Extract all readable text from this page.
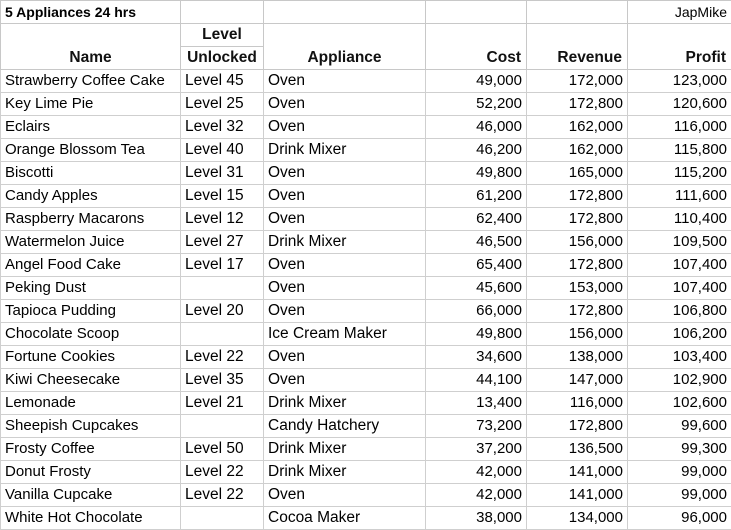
5 Appliances 24 hrs					JapMike
Name	Level	Appliance	Cost	Revenue	Profit
	Unlocked				
Strawberry Coffee Cake	Level 45	Oven	49,000	172,000	123,000
Key Lime Pie	Level 25	Oven	52,200	172,800	120,600
Eclairs	Level 32	Oven	46,000	162,000	116,000
Orange Blossom Tea	Level 40	Drink Mixer	46,200	162,000	115,800
Biscotti	Level 31	Oven	49,800	165,000	115,200
Candy Apples	Level 15	Oven	61,200	172,800	111,600
Raspberry Macarons	Level 12	Oven	62,400	172,800	110,400
Watermelon Juice	Level 27	Drink Mixer	46,500	156,000	109,500
Angel Food Cake	Level 17	Oven	65,400	172,800	107,400
Peking Dust		Oven	45,600	153,000	107,400
Tapioca Pudding	Level 20	Oven	66,000	172,800	106,800
Chocolate Scoop		Ice Cream Maker	49,800	156,000	106,200
Fortune Cookies	Level 22	Oven	34,600	138,000	103,400
Kiwi Cheesecake	Level 35	Oven	44,100	147,000	102,900
Lemonade	Level 21	Drink Mixer	13,400	116,000	102,600
Sheepish Cupcakes		Candy Hatchery	73,200	172,800	99,600
Frosty Coffee	Level 50	Drink Mixer	37,200	136,500	99,300
Donut Frosty	Level 22	Drink Mixer	42,000	141,000	99,000
Vanilla Cupcake	Level 22	Oven	42,000	141,000	99,000
White Hot Chocolate		Cocoa Maker	38,000	134,000	96,000
